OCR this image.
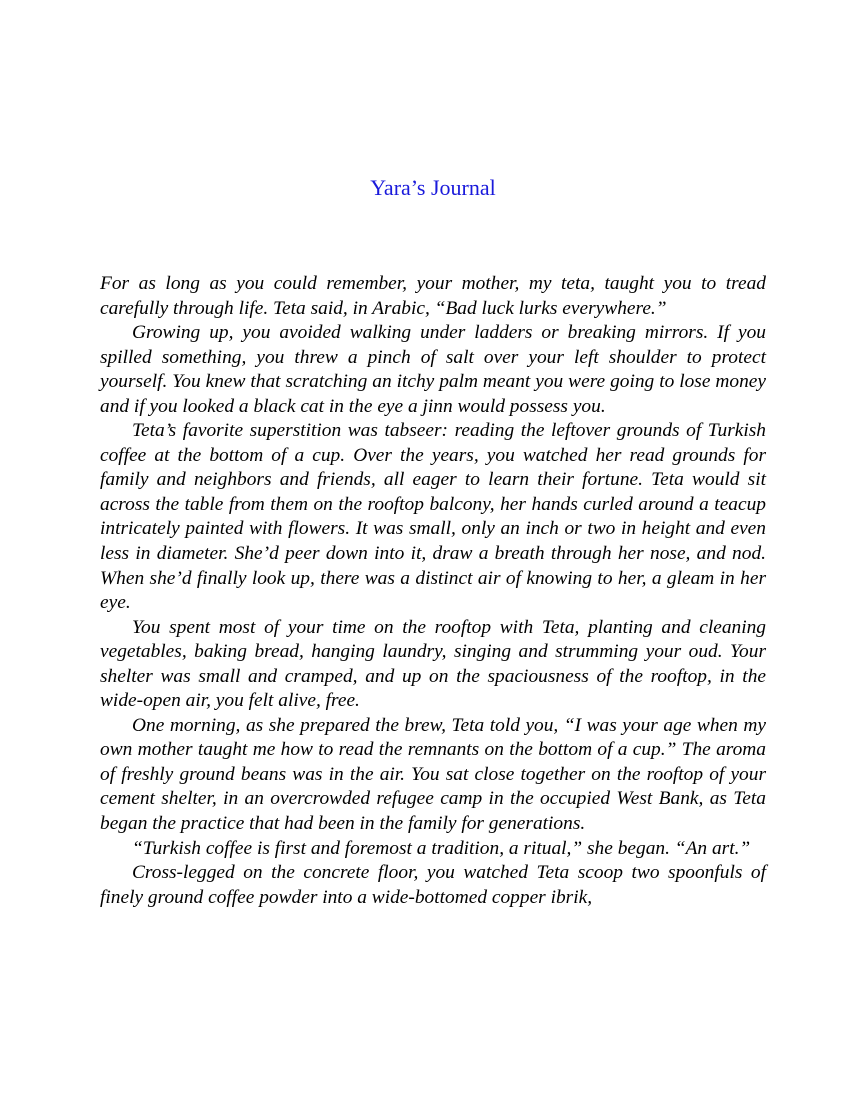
Yara’s Journal

For as long as you could remember, your mother, my teta, taught you to tread carefully through life. Teta said, in Arabic, “Bad luck lurks everywhere.”

Growing up, you avoided walking under ladders or breaking mirrors. If you spilled something, you threw a pinch of salt over your left shoulder to protect yourself. You knew that scratching an itchy palm meant you were going to lose money and if you looked a black cat in the eye a jinn would possess you.

Teta’s favorite superstition was tabseer: reading the leftover grounds of Turkish coffee at the bottom of a cup. Over the years, you watched her read grounds for family and neighbors and friends, all eager to learn their fortune. Teta would sit across the table from them on the rooftop balcony, her hands curled around a teacup intricately painted with flowers. It was small, only an inch or two in height and even less in diameter. She’d peer down into it, draw a breath through her nose, and nod. When she’d finally look up, there was a distinct air of knowing to her, a gleam in her eye.

You spent most of your time on the rooftop with Teta, planting and cleaning vegetables, baking bread, hanging laundry, singing and strumming your oud. Your shelter was small and cramped, and up on the spaciousness of the rooftop, in the wide-open air, you felt alive, free.

One morning, as she prepared the brew, Teta told you, “I was your age when my own mother taught me how to read the remnants on the bottom of a cup.” The aroma of freshly ground beans was in the air. You sat close together on the rooftop of your cement shelter, in an overcrowded refugee camp in the occupied West Bank, as Teta began the practice that had been in the family for generations.

“Turkish coffee is first and foremost a tradition, a ritual,” she began. “An art.”

Cross-legged on the concrete floor, you watched Teta scoop two spoonfuls of finely ground coffee powder into a wide-bottomed copper ibrik,
